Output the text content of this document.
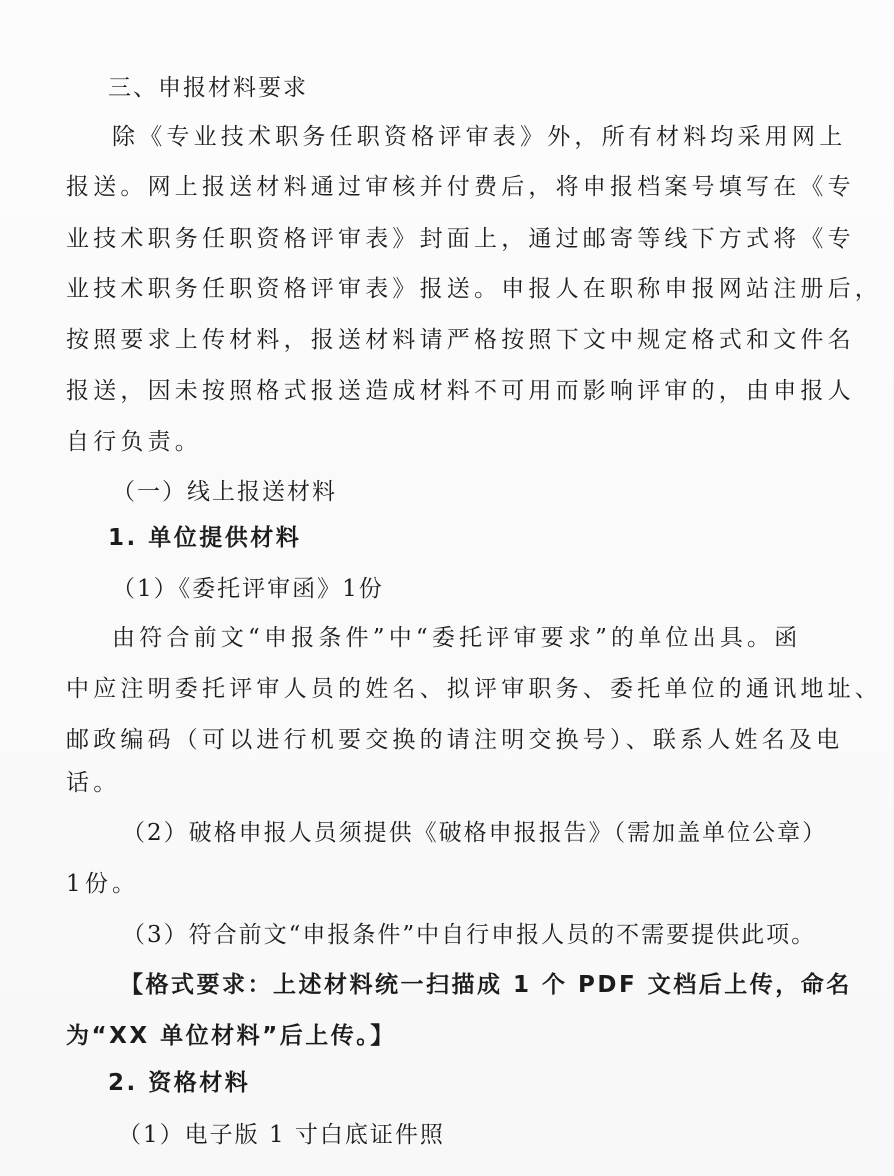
三、申报材料要求
除《专业技术职务任职资格评审表》外，所有材料均采用网上
报送。网上报送材料通过审核并付费后，将申报档案号填写在《专
业技术职务任职资格评审表》封面上，通过邮寄等线下方式将《专
业技术职务任职资格评审表》报送。申报人在职称申报网站注册后，
按照要求上传材料，报送材料请严格按照下文中规定格式和文件名
报送，因未按照格式报送造成材料不可用而影响评审的，由申报人
自行负责。
（一）线上报送材料
1. 单位提供材料
（1）《委托评审函》1份
由符合前文“申报条件”中“委托评审要求”的单位出具。函
中应注明委托评审人员的姓名、拟评审职务、委托单位的通讯地址、
邮政编码（可以进行机要交换的请注明交换号）、联系人姓名及电
话。
（2）破格申报人员须提供《破格申报报告》（需加盖单位公章）
1份。
（3）符合前文“申报条件”中自行申报人员的不需要提供此项。
【格式要求：上述材料统一扫描成 1 个 PDF 文档后上传，命名
为“XX 单位材料”后上传。】
2. 资格材料
（1）电子版 1 寸白底证件照
